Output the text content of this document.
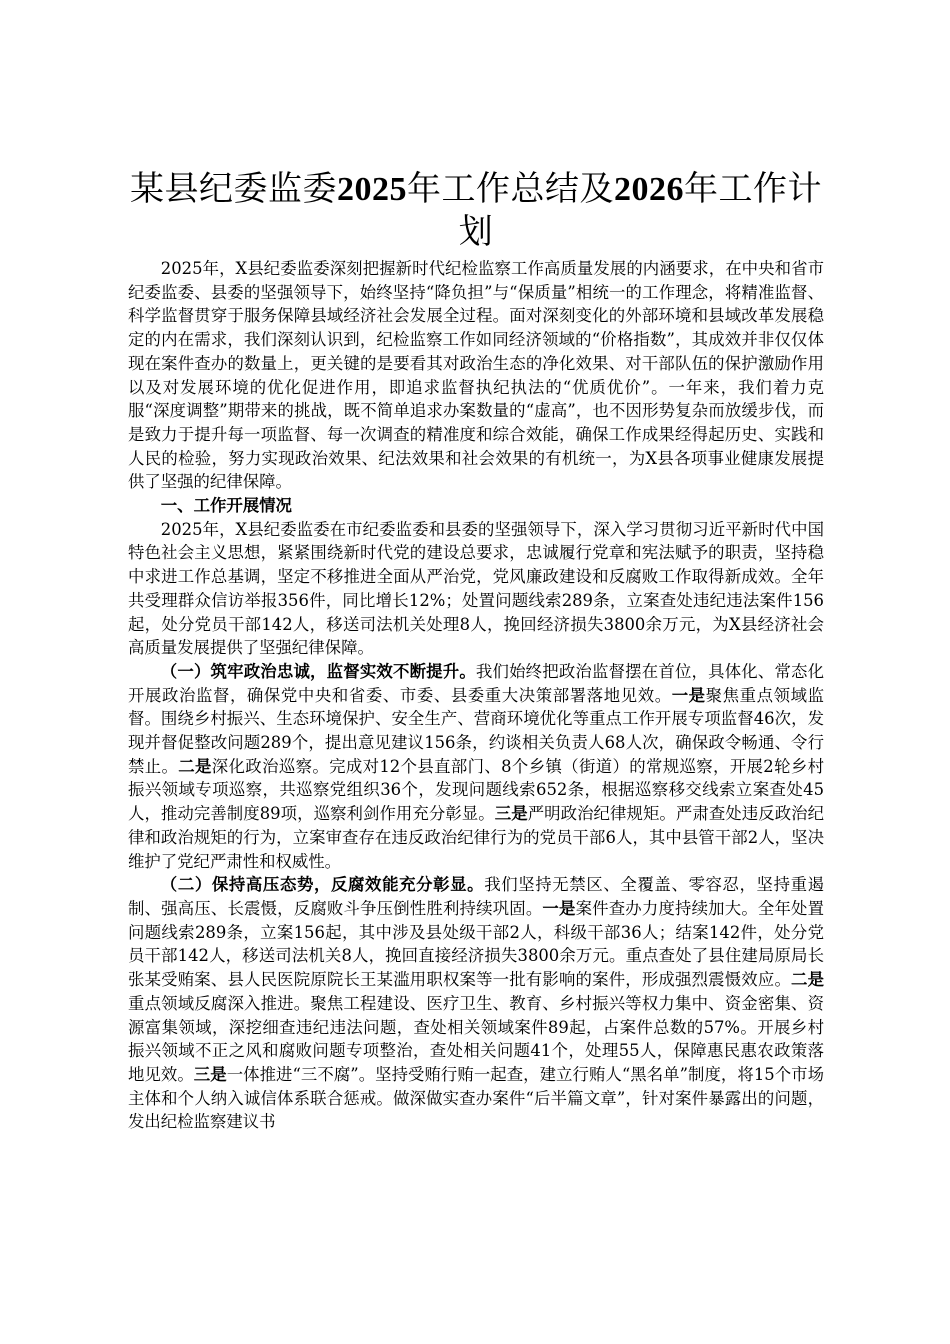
某县纪委监委2025年工作总结及2026年工作计划

2025年，X县纪委监委深刻把握新时代纪检监察工作高质量发展的内涵要求，在中央和省市纪委监委、县委的坚强领导下，始终坚持“降负担”与“保质量”相统一的工作理念，将精准监督、科学监督贯穿于服务保障县域经济社会发展全过程。面对深刻变化的外部环境和县域改革发展稳定的内在需求，我们深刻认识到，纪检监察工作如同经济领域的“价格指数”，其成效并非仅仅体现在案件查办的数量上，更关键的是要看其对政治生态的净化效果、对干部队伍的保护激励作用以及对发展环境的优化促进作用，即追求监督执纪执法的“优质优价”。一年来，我们着力克服“深度调整”期带来的挑战，既不简单追求办案数量的“虚高”，也不因形势复杂而放缓步伐，而是致力于提升每一项监督、每一次调查的精准度和综合效能，确保工作成果经得起历史、实践和人民的检验，努力实现政治效果、纪法效果和社会效果的有机统一，为X县各项事业健康发展提供了坚强的纪律保障。

一、工作开展情况

2025年，X县纪委监委在市纪委监委和县委的坚强领导下，深入学习贯彻习近平新时代中国特色社会主义思想，紧紧围绕新时代党的建设总要求，忠诚履行党章和宪法赋予的职责，坚持稳中求进工作总基调，坚定不移推进全面从严治党，党风廉政建设和反腐败工作取得新成效。全年共受理群众信访举报356件，同比增长12%；处置问题线索289条，立案查处违纪违法案件156起，处分党员干部142人，移送司法机关处理8人，挽回经济损失3800余万元，为X县经济社会高质量发展提供了坚强纪律保障。

（一）筑牢政治忠诚，监督实效不断提升。我们始终把政治监督摆在首位，具体化、常态化开展政治监督，确保党中央和省委、市委、县委重大决策部署落地见效。一是聚焦重点领域监督。围绕乡村振兴、生态环境保护、安全生产、营商环境优化等重点工作开展专项监督46次，发现并督促整改问题289个，提出意见建议156条，约谈相关负责人68人次，确保政令畅通、令行禁止。二是深化政治巡察。完成对12个县直部门、8个乡镇（街道）的常规巡察，开展2轮乡村振兴领域专项巡察，共巡察党组织36个，发现问题线索652条，根据巡察移交线索立案查处45人，推动完善制度89项，巡察利剑作用充分彰显。三是严明政治纪律规矩。严肃查处违反政治纪律和政治规矩的行为，立案审查存在违反政治纪律行为的党员干部6人，其中县管干部2人，坚决维护了党纪严肃性和权威性。

（二）保持高压态势，反腐效能充分彰显。我们坚持无禁区、全覆盖、零容忍，坚持重遏制、强高压、长震慑，反腐败斗争压倒性胜利持续巩固。一是案件查办力度持续加大。全年处置问题线索289条，立案156起，其中涉及县处级干部2人，科级干部36人；结案142件，处分党员干部142人，移送司法机关8人，挽回直接经济损失3800余万元。重点查处了县住建局原局长张某受贿案、县人民医院原院长王某滥用职权案等一批有影响的案件，形成强烈震慑效应。二是重点领域反腐深入推进。聚焦工程建设、医疗卫生、教育、乡村振兴等权力集中、资金密集、资源富集领域，深挖细查违纪违法问题，查处相关领域案件89起，占案件总数的57%。开展乡村振兴领域不正之风和腐败问题专项整治，查处相关问题41个，处理55人，保障惠民惠农政策落地见效。三是一体推进“三不腐”。坚持受贿行贿一起查，建立行贿人“黑名单”制度，将15个市场主体和个人纳入诚信体系联合惩戒。做深做实查办案件“后半篇文章”，针对案件暴露出的问题，发出纪检监察建议书
